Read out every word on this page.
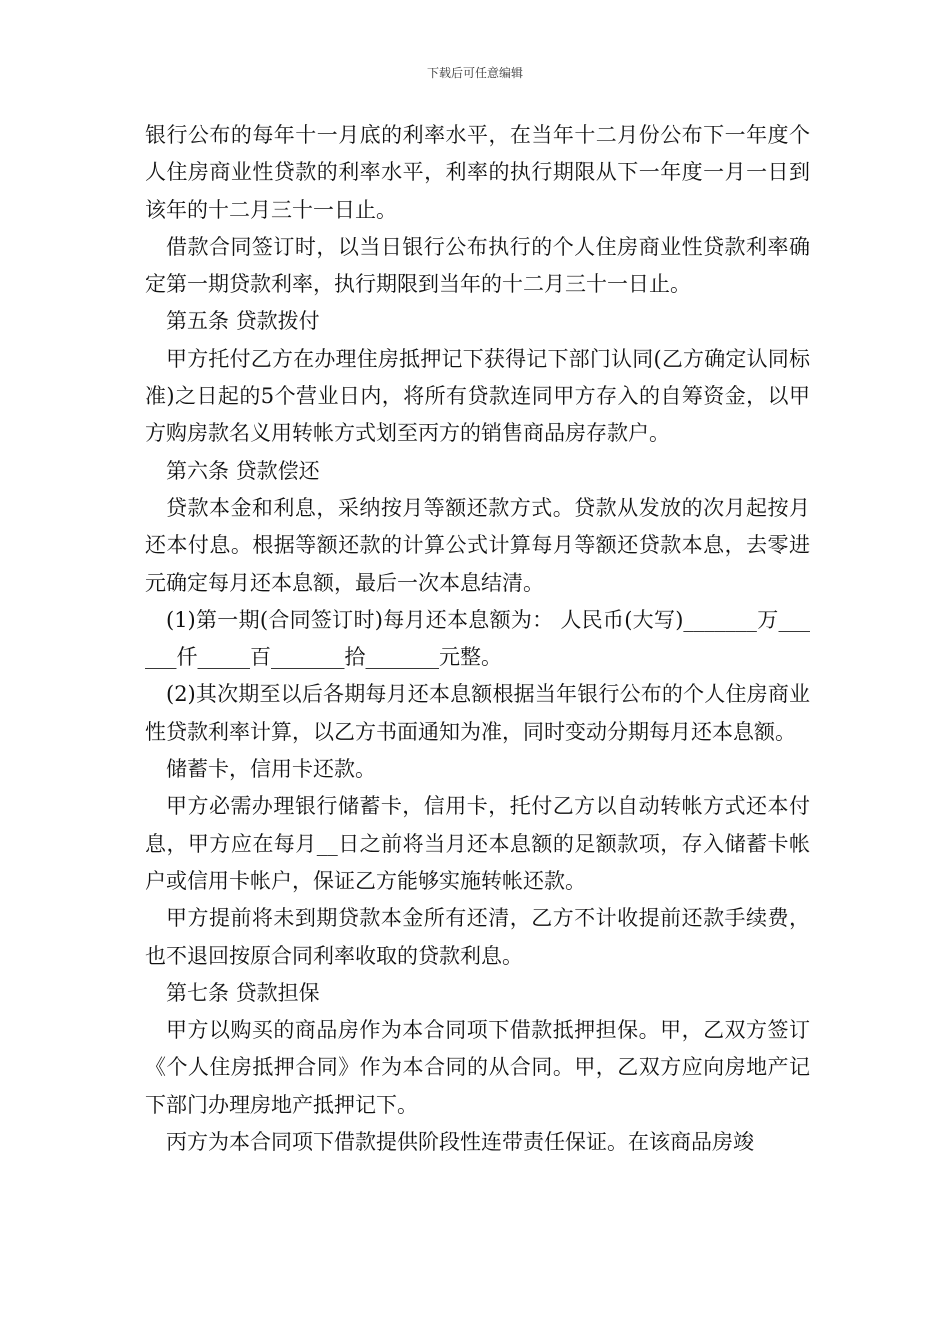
下载后可任意编辑

银行公布的每年十一月底的利率水平，在当年十二月份公布下一年度个人住房商业性贷款的利率水平，利率的执行期限从下一年度一月一日到该年的十二月三十一日止。

借款合同签订时，以当日银行公布执行的个人住房商业性贷款利率确定第一期贷款利率，执行期限到当年的十二月三十一日止。

第五条 贷款拨付

甲方托付乙方在办理住房抵押记下获得记下部门认同(乙方确定认同标准)之日起的5个营业日内，将所有贷款连同甲方存入的自筹资金，以甲方购房款名义用转帐方式划至丙方的销售商品房存款户。

第六条 贷款偿还

贷款本金和利息，采纳按月等额还款方式。贷款从发放的次月起按月还本付息。根据等额还款的计算公式计算每月等额还贷款本息，去零进元确定每月还本息额，最后一次本息结清。

(1)第一期(合同签订时)每月还本息额为： 人民币(大写)_______万______仟_____百_______拾_______元整。

(2)其次期至以后各期每月还本息额根据当年银行公布的个人住房商业性贷款利率计算，以乙方书面通知为准，同时变动分期每月还本息额。

储蓄卡，信用卡还款。

甲方必需办理银行储蓄卡，信用卡，托付乙方以自动转帐方式还本付息，甲方应在每月__日之前将当月还本息额的足额款项，存入储蓄卡帐户或信用卡帐户，保证乙方能够实施转帐还款。

甲方提前将未到期贷款本金所有还清，乙方不计收提前还款手续费，也不退回按原合同利率收取的贷款利息。

第七条 贷款担保

甲方以购买的商品房作为本合同项下借款抵押担保。甲，乙双方签订《个人住房抵押合同》作为本合同的从合同。甲，乙双方应向房地产记下部门办理房地产抵押记下。

丙方为本合同项下借款提供阶段性连带责任保证。在该商品房竣
